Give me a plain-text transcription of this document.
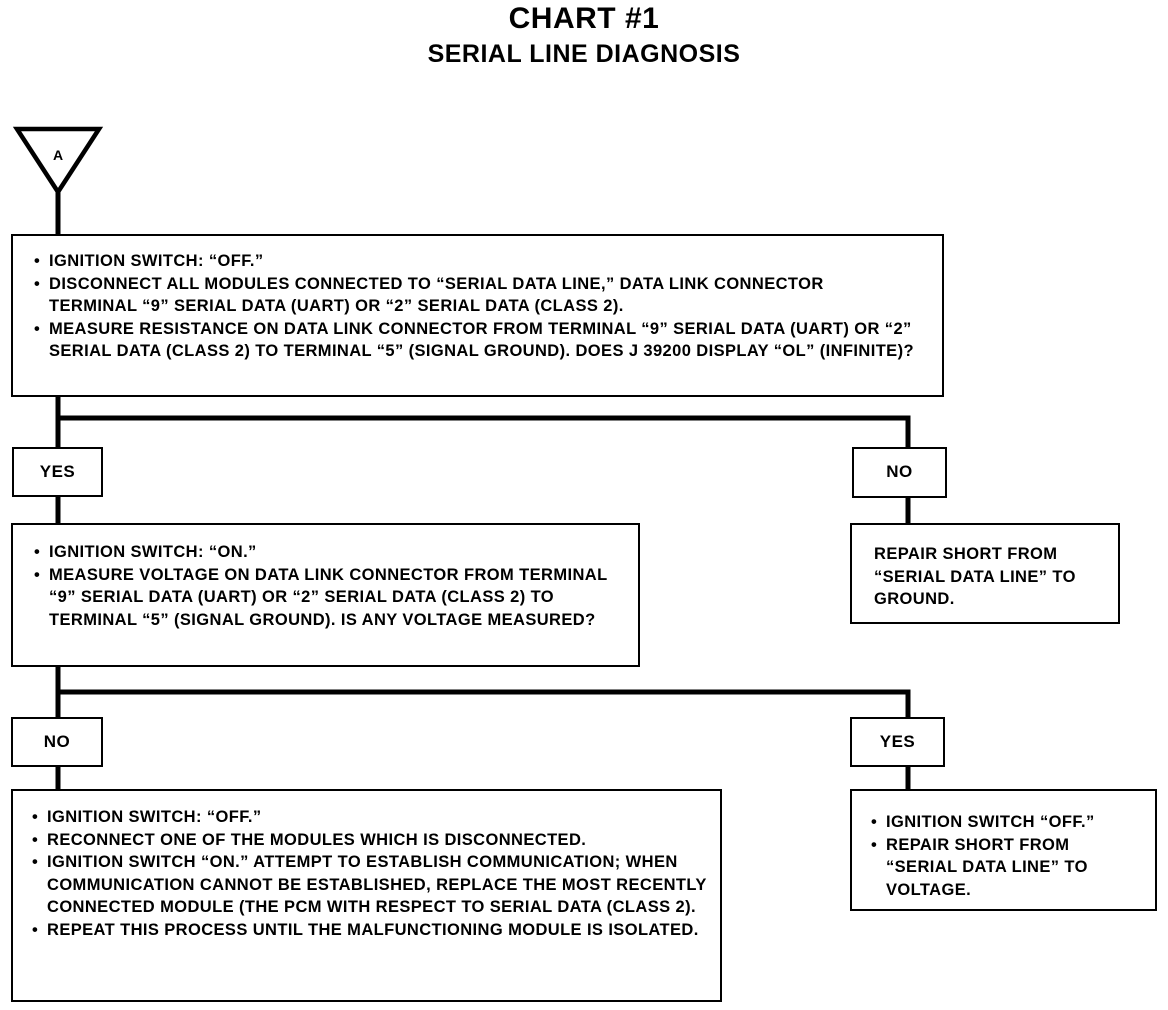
A
CHART #1
SERIAL LINE DIAGNOSIS
• IGNITION SWITCH: “OFF.”
• DISCONNECT ALL MODULES CONNECTED TO “SERIAL DATA LINE,” DATA LINK CONNECTOR TERMINAL “9” SERIAL DATA (UART) OR “2” SERIAL DATA (CLASS 2).
• MEASURE RESISTANCE ON DATA LINK CONNECTOR FROM TERMINAL “9” SERIAL DATA (UART) OR “2” SERIAL DATA (CLASS 2) TO TERMINAL “5” (SIGNAL GROUND). DOES J 39200 DISPLAY “OL” (INFINITE)?
YES	NO
• IGNITION SWITCH: “ON.”
• MEASURE VOLTAGE ON DATA LINK CONNECTOR FROM TERMINAL “9” SERIAL DATA (UART) OR “2” SERIAL DATA (CLASS 2) TO TERMINAL “5” (SIGNAL GROUND). IS ANY VOLTAGE MEASURED?
REPAIR SHORT FROM “SERIAL DATA LINE” TO GROUND.
NO	YES
• IGNITION SWITCH: “OFF.”
• RECONNECT ONE OF THE MODULES WHICH IS DISCONNECTED.
• IGNITION SWITCH “ON.” ATTEMPT TO ESTABLISH COMMUNICATION; WHEN COMMUNICATION CANNOT BE ESTABLISHED, REPLACE THE MOST RECENTLY CONNECTED MODULE (THE PCM WITH RESPECT TO SERIAL DATA (CLASS 2).
• REPEAT THIS PROCESS UNTIL THE MALFUNCTIONING MODULE IS ISOLATED.
• IGNITION SWITCH “OFF.”
• REPAIR SHORT FROM “SERIAL DATA LINE” TO VOLTAGE.
